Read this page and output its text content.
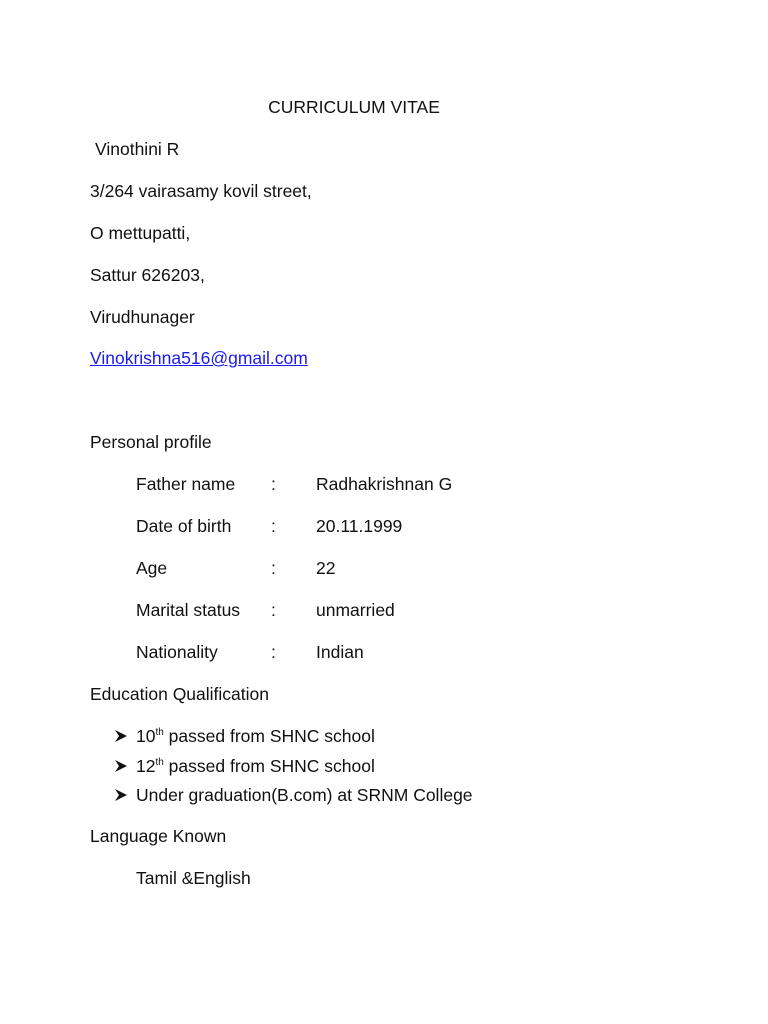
CURRICULUM VITAE
Vinothini R
3/264 vairasamy kovil street,
O mettupatti,
Sattur 626203,
Virudhunager
Vinokrishna516@gmail.com
Personal profile
Father name : Radhakrishnan G
Date of birth : 20.11.1999
Age	: 22
Marital status : unmarried
Nationality	: Indian
Education Qualification
10th passed from SHNC school
12th passed from SHNC school
Under graduation(B.com) at SRNM College
Language Known
Tamil &English
